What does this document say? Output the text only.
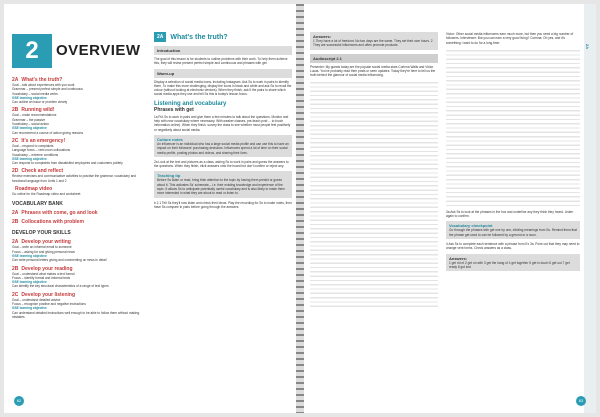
2	OVERVIEW
2A What's the truth?

Goal – talk about experiences with you work

Grammar – present perfect simple and continuous

Vocabulary – social media verbs

GSE learning objective

Can outline an issue or problem clearly

2B Running wild!

Goal – make recommendations

Grammar – the passive

Vocabulary – social action

GSE learning objective

Can recommend a course of action giving reasons

2C It's an emergency!

Goal – respond to complaints

Language focus – verb-noun collocations

Vocabulary – extreme conditions

GSE learning objective

Can respond to complaints from dissatisfied employees and customers politely

2D Check and reflect

Review exercises and communicative activities to practise the grammar, vocabulary and functional language from Units 1 and 2

Roadmap video

Go online for the Roadmap video and worksheet

VOCABULARY BANK
2A Phrases with come, go and look
2B Collocations with problem
DEVELOP YOUR SKILLS
2A Develop your writing

Goal – write an informal email to someone

Focus – asking for and giving personal news

GSE learning objective

Can write personal letters giving and commenting on news in detail

2B Develop your reading

Goal – understand what makes a text formal

Focus – identify formal and informal texts

GSE learning objective

Can identify the key structural characteristics of a range of text types

2C Develop your listening

Goal – understand detailed advice

Focus – recognise positive and negative instructions

GSE learning objective

Can understand detailed instructions well enough to be able to follow them without making mistakes

2A	What's the truth?
Introduction

The goal of this lesson is for students to outline problems with their work. To help them achieve this, they will revise present perfect simple and continuous and phrases with get.

Warm-up

Display a selection of social media icons, including Instagram. Ask Ss to work in pairs to identify them. To make this more challenging, display the icons in black and white and ask Ss to recall the colour (without looking at electronic devices). When they finish, ask if the pairs to share which social media apps they use and tell Ss this is today's lesson focus.

Listening and vocabulary
Phrases with get

1a Put Ss to work in pairs and give them a few minutes to talk about the questions. Monitor and help with new vocabulary where necessary. With weaker classes, pre-teach post ... to touch information online). When they finish, survey the class to see whether most people feel positively or negatively about social media.

Culture notes

An influencer is an individual who has a large social media profile and can use this to have an impact on their followers' purchasing decisions. Influencers spend a lot of time on their social media profile, posting photos and videos, and sharing their lives.

2a Look at the text and pictures as a class, asking Ss to work in pairs and guess the answers to the questions. When they finish, elicit answers onto the board but don't confirm or reject any.

Teaching tip

Before Ss listen or read, bring their attention to the topic by having them predict or guess about it. This activates Ss' schemata – i.e. their existing knowledge and experience of the topic. It allows Ss to anticipate potentially useful vocabulary and is also likely to make them more interested in what they are about to read or listen to.

b 2.1 Tell Ss they'll now listen and check their ideas. Play the recording for Ss to make notes, then have Ss compare in pairs before going through the answers.

62
Answers:

1 They have a lot of freedom: No two days are the same. They set their own hours. 2 They are successful influencers and often promote products.

Audioscript 2.1

Presenter: My guests today are the popular social media stars Corinna Walls and Victor Lucas. You've probably read their posts or seen updates. Today they're here to tell us the truth behind the glamour of social media influencing.

Victor: Other social media influencers earn much more, but then you need a big number of followers. Interviewer: But you can earn a very good living? Corinna: Oh yes, and it's something I want to do for a long time.

3a Ask Ss to look at the phrases in the box and underline any they think they heard. Listen again to confirm.

Vocabulary checkpoint

Go through the phrases with get one by one, eliciting meanings from Ss. Remind them that the phrase get used to can be followed by a gerund or a noun.

4 Ask Ss to complete each sentence with a phrase from Ex 3a. Point out that they may need to change verb forms. Check answers as a class.

Answers:

1 get rid of 2 get on with 3 get the hang of 4 get together 5 get in touch 6 get out 7 get ready 8 got lost

2A
63
